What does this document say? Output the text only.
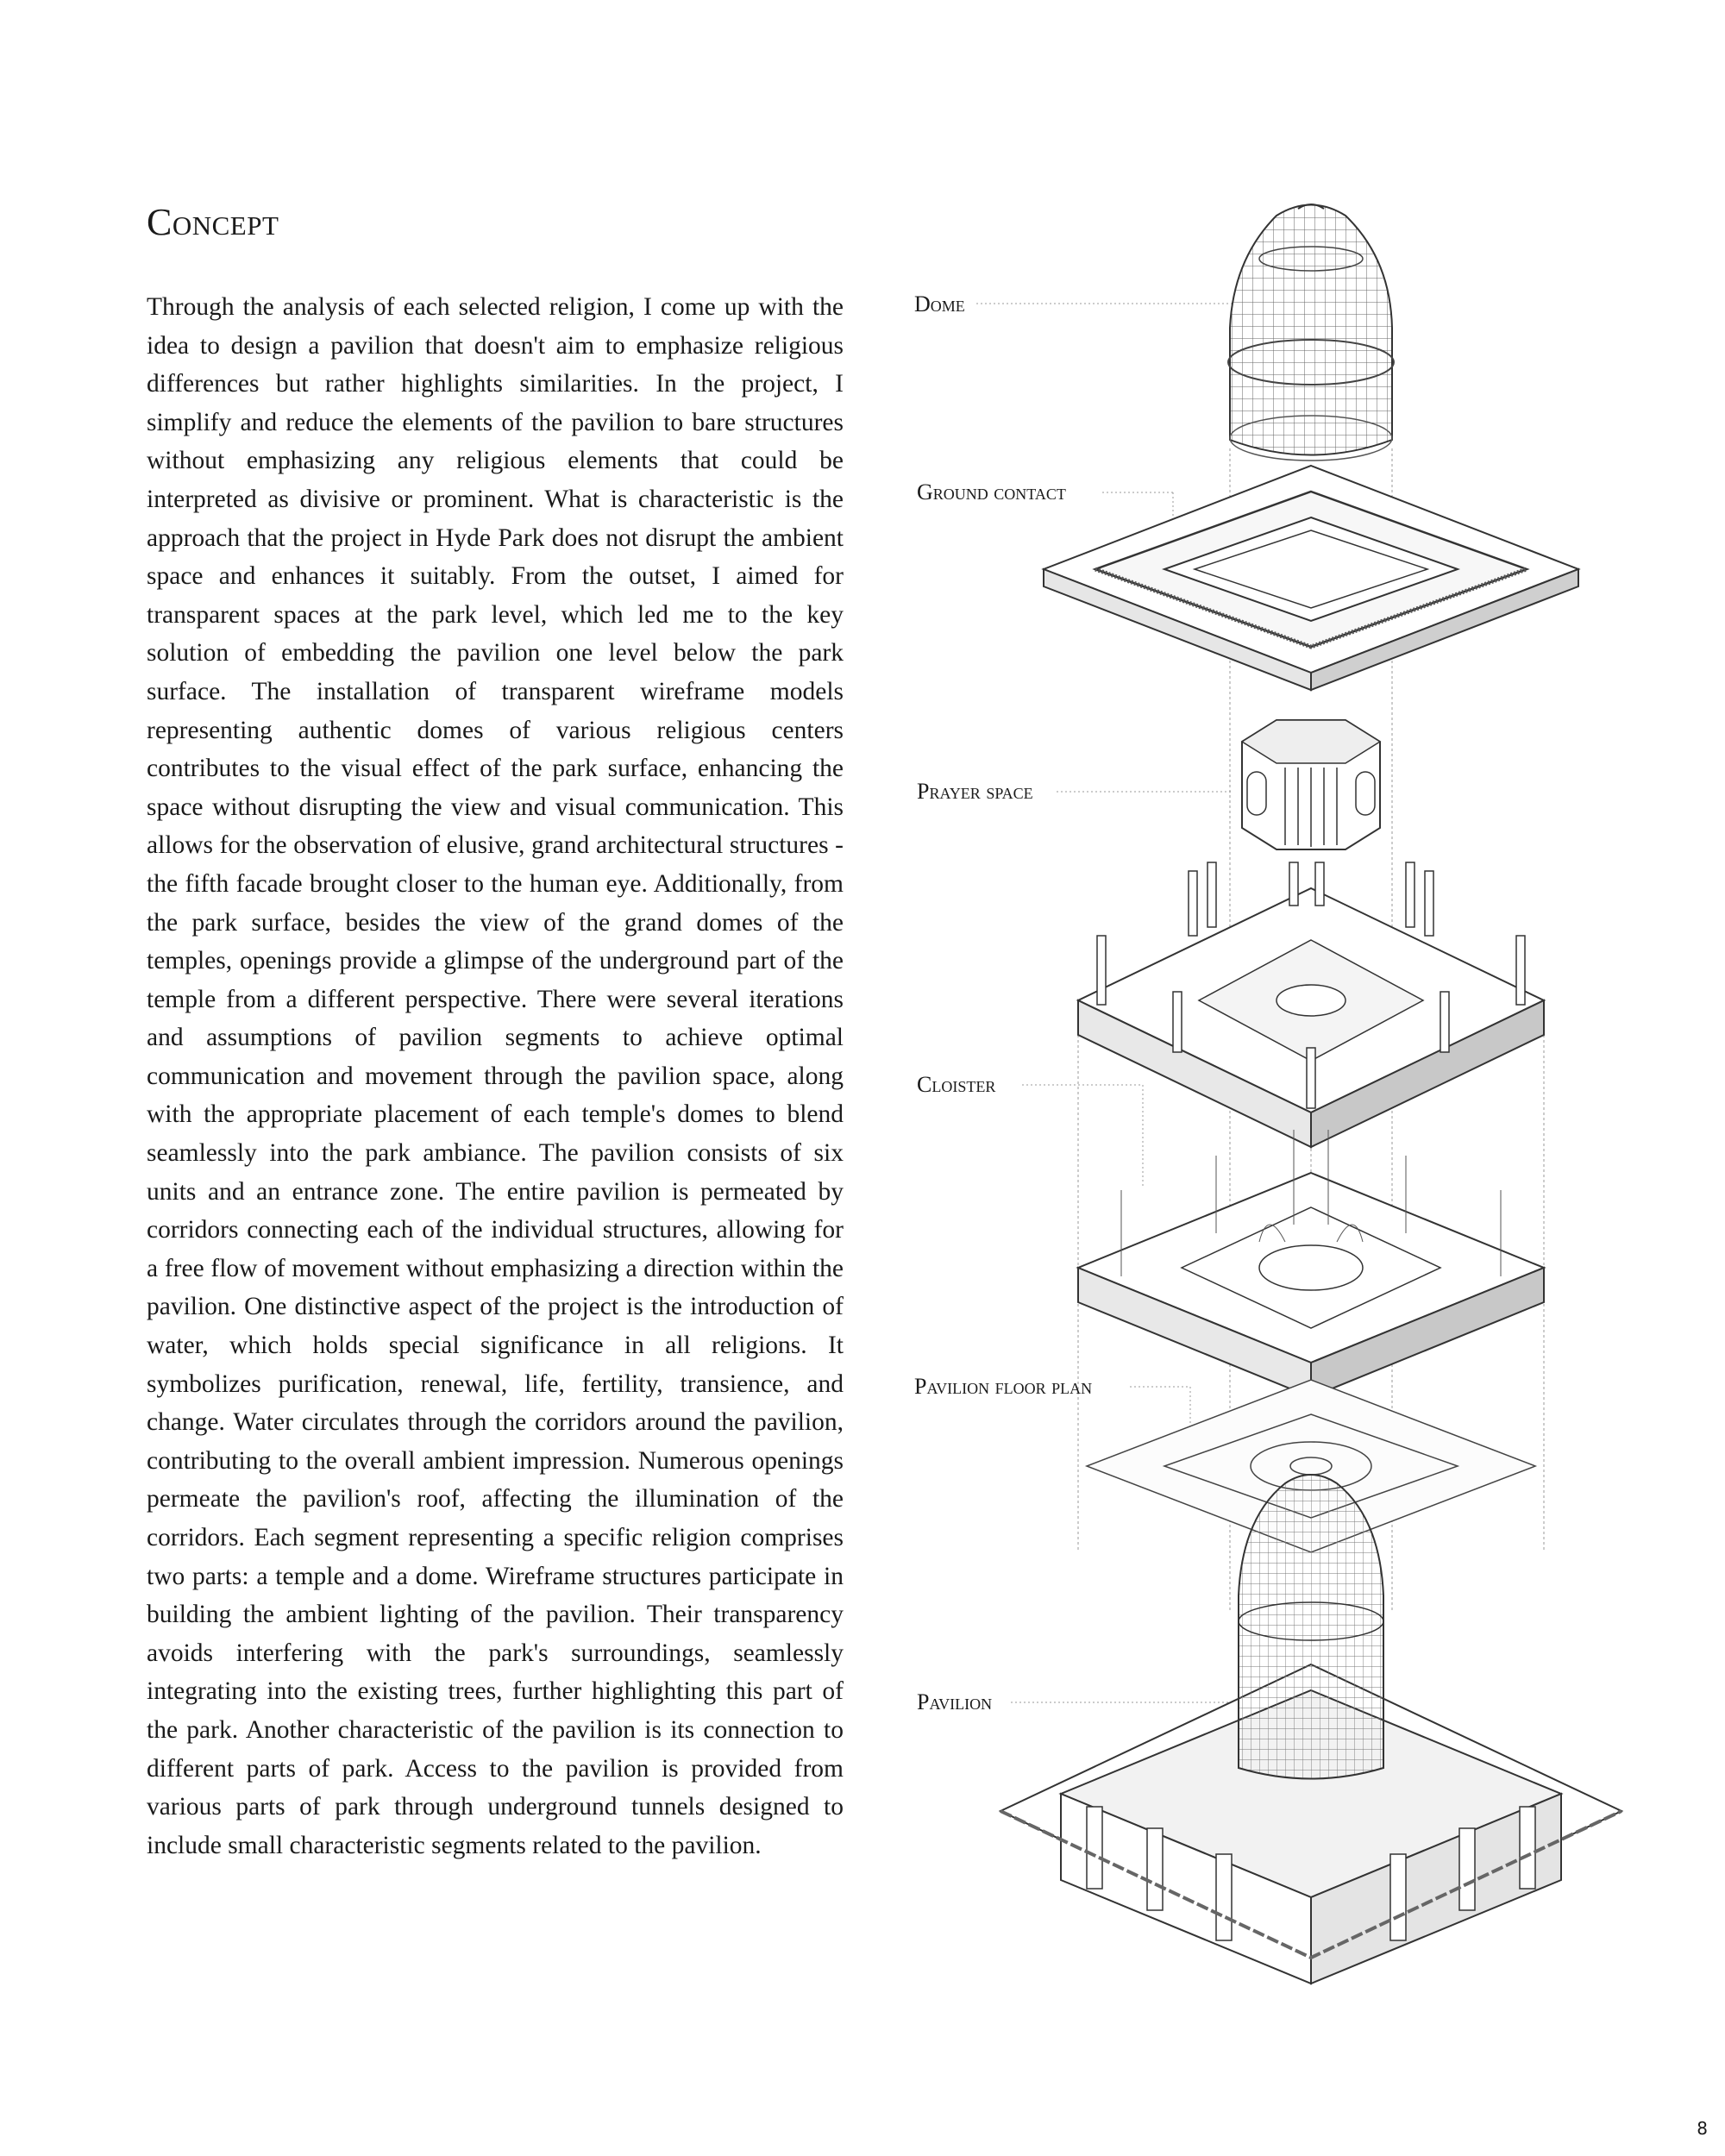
Concept

Through the analysis of each selected religion, I come up with the idea to design a pavilion that doesn't aim to emphasize religious differences but rather highlights similarities. In the project, I simplify and reduce the elements of the pavilion to bare structures without emphasizing any religious elements that could be interpreted as divisive or prominent. What is characteristic is the approach that the project in Hyde Park does not disrupt the ambient space and enhances it suitably. From the outset, I aimed for transparent spaces at the park level, which led me to the key solution of embedding the pavilion one level below the park surface. The installation of transparent wireframe models representing authentic domes of various religious centers contributes to the visual effect of the park surface, enhancing the space without disrupting the view and visual communication. This allows for the observation of elusive, grand architectural structures - the fifth facade brought closer to the human eye. Additionally, from the park surface, besides the view of the grand domes of the temples, openings provide a glimpse of the underground part of the temple from a different perspective. There were several iterations and assumptions of pavilion segments to achieve optimal communication and movement through the pavilion space, along with the appropriate placement of each temple's domes to blend seamlessly into the park ambiance. The pavilion consists of six units and an entrance zone. The entire pavilion is permeated by corridors connecting each of the individual structures, allowing for a free flow of movement without emphasizing a direction within the pavilion. One distinctive aspect of the project is the introduction of water, which holds special significance in all religions. It symbolizes purification, renewal, life, fertility, transience, and change. Water circulates through the corridors around the pavilion, contributing to the overall ambient impression. Numerous openings permeate the pavilion's roof, affecting the illumination of the corridors. Each segment representing a specific religion comprises two parts: a temple and a dome. Wireframe structures participate in building the ambient lighting of the pavilion. Their transparency avoids interfering with the park's surroundings, seamlessly integrating into the existing trees, further highlighting this part of the park. Another characteristic of the pavilion is its connection to different parts of park. Access to the pavilion is provided from various parts of park through underground tunnels designed to include small characteristic segments related to the pavilion.

Dome
Ground contact
Prayer space
Cloister
Pavilion floor plan
Pavilion
8
